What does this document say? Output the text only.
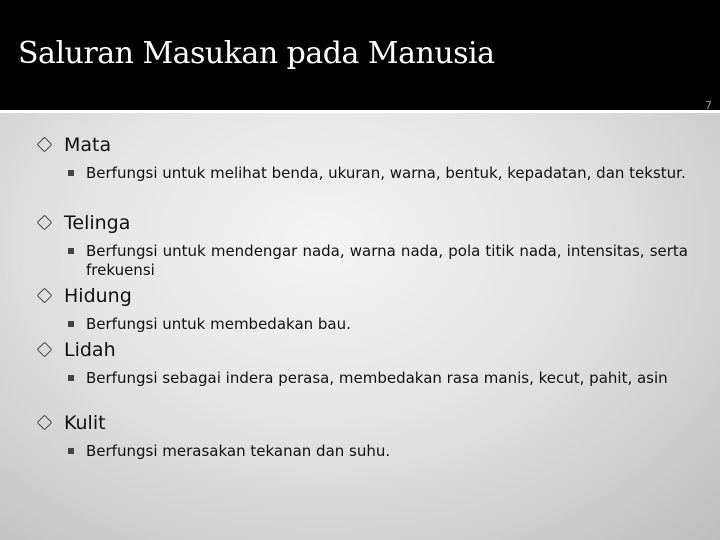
Saluran Masukan pada Manusia
7
Mata
Berfungsi untuk melihat benda, ukuran, warna, bentuk, kepadatan, dan tekstur.
Telinga
Berfungsi untuk mendengar nada, warna nada, pola titik nada, intensitas, serta frekuensi
Hidung
Berfungsi untuk membedakan bau.
Lidah
Berfungsi sebagai indera perasa, membedakan rasa manis, kecut, pahit, asin
Kulit
Berfungsi merasakan tekanan dan suhu.
